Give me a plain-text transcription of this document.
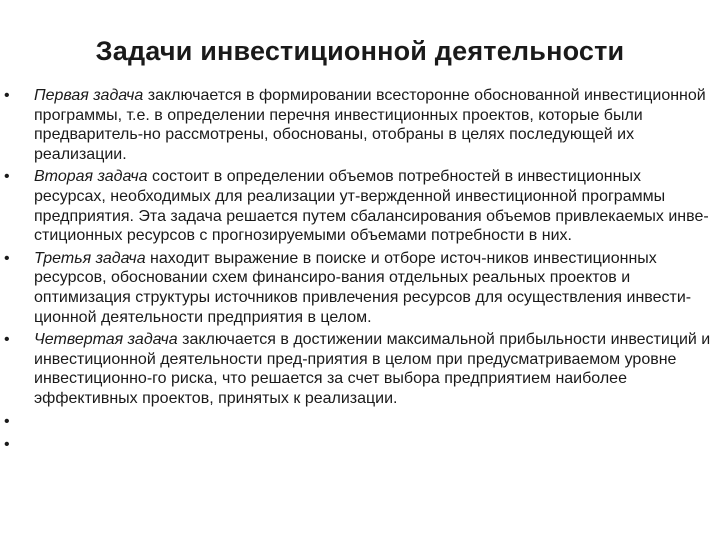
Задачи инвестиционной деятельности
• Первая задача заключается в формировании всесторонне обоснованной инвестиционной программы, т.е. в определении перечня инвестиционных проектов, которые были предваритель-но рассмотрены, обоснованы, отобраны в целях последующей их реализации.
• Вторая задача состоит в определении объемов потребностей в инвестиционных ресурсах, необходимых для реализации ут-вержденной инвестиционной программы предприятия. Эта задача решается путем сбалансирования объемов привлекаемых инве-стиционных ресурсов с прогнозируемыми объемами потребности в них.
• Третья задача находит выражение в поиске и отборе источ-ников инвестиционных ресурсов, обосновании схем финансиро-вания отдельных реальных проектов и оптимизация структуры источников привлечения ресурсов для осуществления инвести-ционной деятельности предприятия в целом.
• Четвертая задача заключается в достижении максимальной прибыльности инвестиций и инвестиционной деятельности пред-приятия в целом при предусматриваемом уровне инвестиционно-го риска, что решается за счет выбора предприятием наиболее эффективных проектов, принятых к реализации.
•
•
